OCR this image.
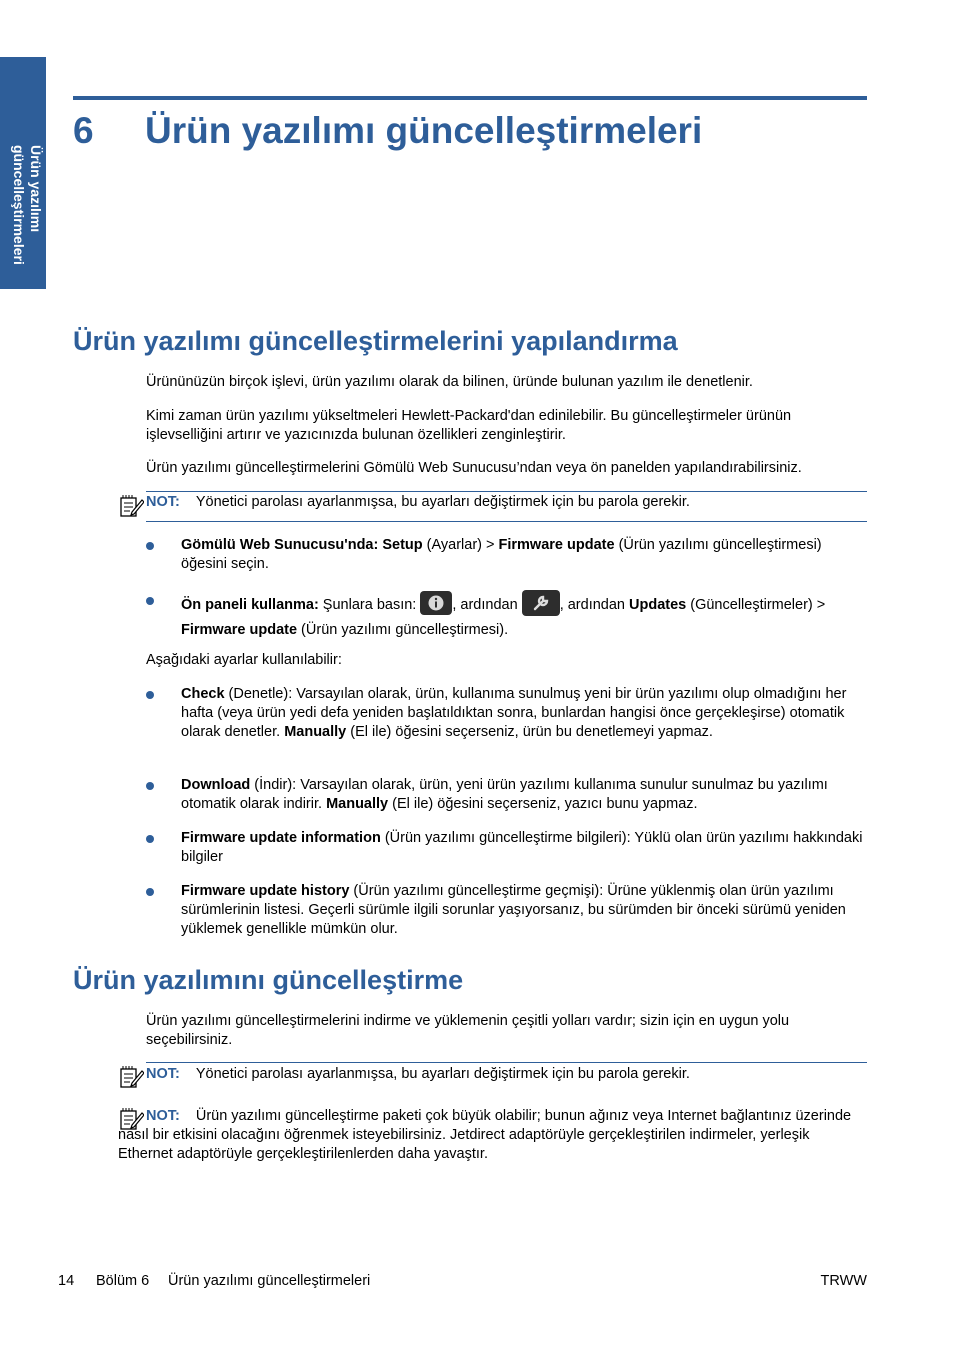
Ürün yazılımı
güncelleştirmeleri
6 Ürün yazılımı güncelleştirmeleri
Ürün yazılımı güncelleştirmelerini yapılandırma

Ürününüzün birçok işlevi, ürün yazılımı olarak da bilinen, üründe bulunan yazılım ile denetlenir.

Kimi zaman ürün yazılımı yükseltmeleri Hewlett-Packard'dan edinilebilir. Bu güncelleştirmeler ürünün işlevselliğini artırır ve yazıcınızda bulunan özellikleri zenginleştirir.

Ürün yazılımı güncelleştirmelerini Gömülü Web Sunucusu’ndan veya ön panelden yapılandırabilirsiniz.

NOT: Yönetici parolası ayarlanmışsa, bu ayarları değiştirmek için bu parola gerekir.

Gömülü Web Sunucusu'nda: Setup (Ayarlar) > Firmware update (Ürün yazılımı güncelleştirmesi) öğesini seçin.

Ön paneli kullanma: Şunlara basın: , ardından	, ardından Updates (Güncelleştirmeler) > Firmware update (Ürün yazılımı güncelleştirmesi).

Aşağıdaki ayarlar kullanılabilir:

Check (Denetle): Varsayılan olarak, ürün, kullanıma sunulmuş yeni bir ürün yazılımı olup olmadığını her hafta (veya ürün yedi defa yeniden başlatıldıktan sonra, bunlardan hangisi önce gerçekleşirse) otomatik olarak denetler. Manually (El ile) öğesini seçerseniz, ürün bu denetlemeyi yapmaz.

Download (İndir): Varsayılan olarak, ürün, yeni ürün yazılımı kullanıma sunulur sunulmaz bu yazılımı otomatik olarak indirir. Manually (El ile) öğesini seçerseniz, yazıcı bunu yapmaz.

Firmware update information (Ürün yazılımı güncelleştirme bilgileri): Yüklü olan ürün yazılımı hakkındaki bilgiler

Firmware update history (Ürün yazılımı güncelleştirme geçmişi): Ürüne yüklenmiş olan ürün yazılımı sürümlerinin listesi. Geçerli sürümle ilgili sorunlar yaşıyorsanız, bu sürümden bir önceki sürümü yeniden yüklemek genellikle mümkün olur.

Ürün yazılımını güncelleştirme

Ürün yazılımı güncelleştirmelerini indirme ve yüklemenin çeşitli yolları vardır; sizin için en uygun yolu seçebilirsiniz.

NOT: Yönetici parolası ayarlanmışsa, bu ayarları değiştirmek için bu parola gerekir.

NOT: Ürün yazılımı güncelleştirme paketi çok büyük olabilir; bunun ağınız veya Internet bağlantınız üzerinde nasıl bir etkisini olacağını öğrenmek isteyebilirsiniz. Jetdirect adaptörüyle gerçekleştirilen indirmeler, yerleşik Ethernet adaptörüyle gerçekleştirilenlerden daha yavaştır.

14 Bölüm 6 Ürün yazılımı güncelleştirmeleri	TRWW
